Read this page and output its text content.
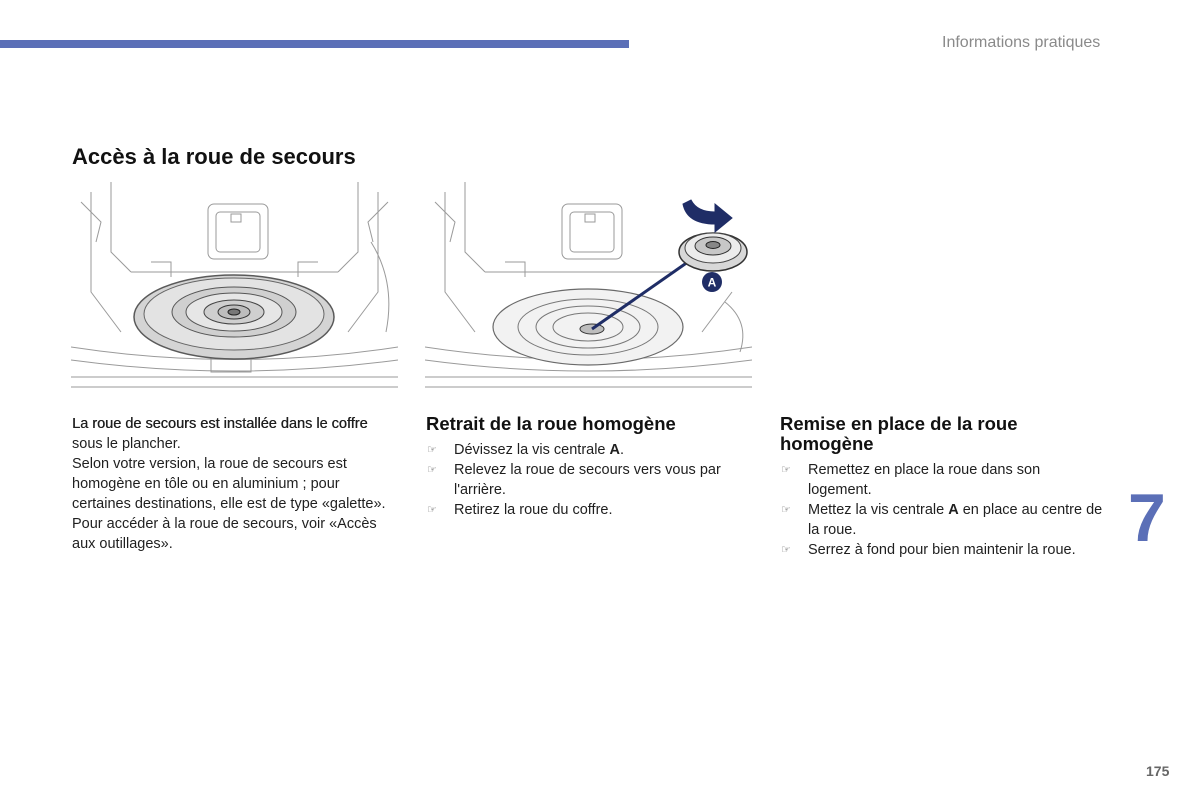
Informations pratiques
Accès à la roue de secours
A

La roue de secours est installée dans le coffre
sous le plancher.

Selon votre version, la roue de secours est homogène en tôle ou en aluminium ; pour certaines destinations, elle est de type «galette».

Pour accéder à la roue de secours, voir «Accès aux outillages».

Retrait de la roue homogène
☞ Dévissez la vis centrale A.
☞ Relevez la roue de secours vers vous par l'arrière.
☞ Retirez la roue du coffre.
Remise en place de la roue homogène
☞ Remettez en place la roue dans son logement.
☞ Mettez la vis centrale A en place au centre de la roue.
☞ Serrez à fond pour bien maintenir la roue. 7
175
